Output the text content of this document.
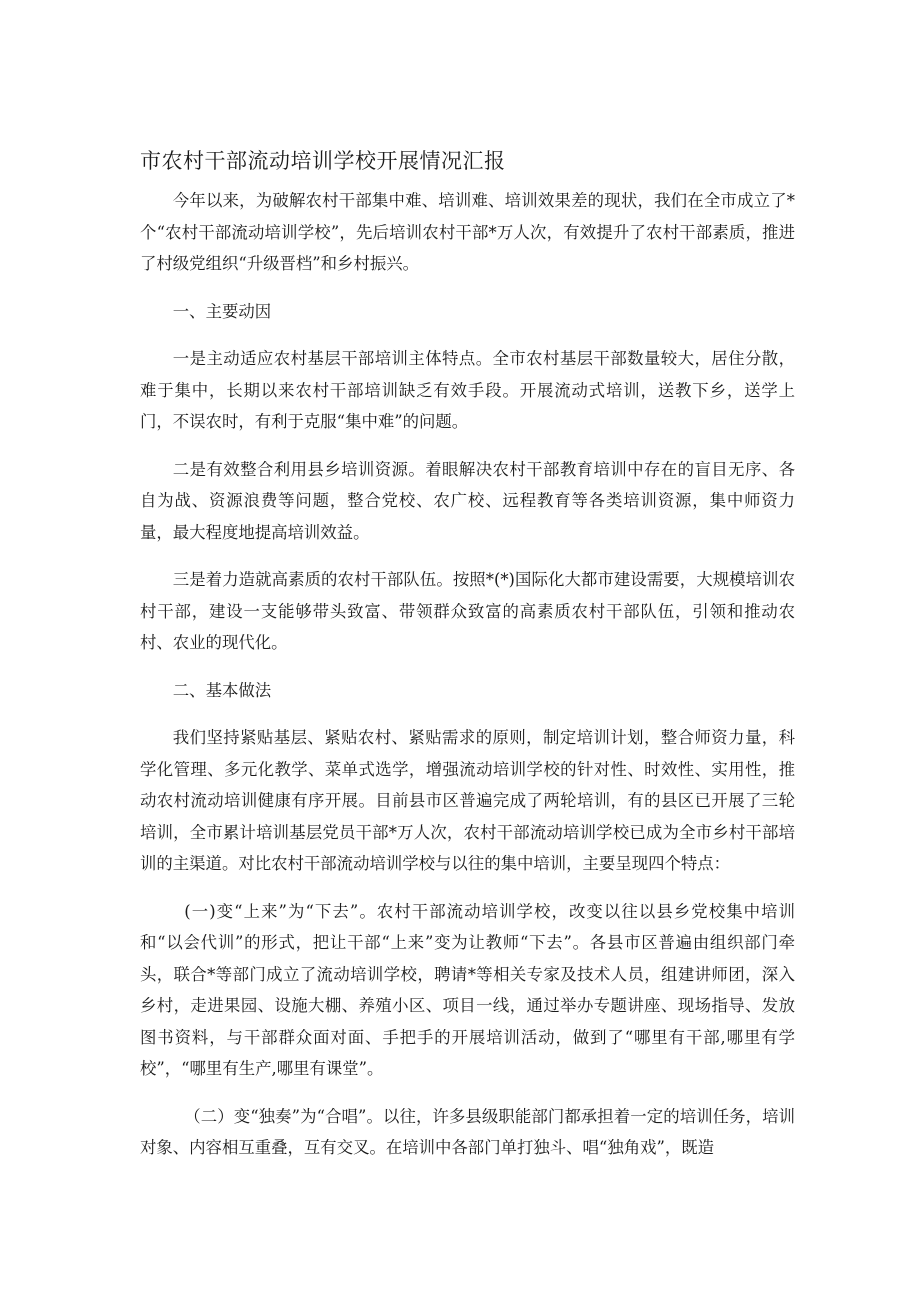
市农村干部流动培训学校开展情况汇报

今年以来，为破解农村干部集中难、培训难、培训效果差的现状，我们在全市成立了*个“农村干部流动培训学校”，先后培训农村干部*万人次，有效提升了农村干部素质，推进了村级党组织“升级晋档”和乡村振兴。

一、主要动因

一是主动适应农村基层干部培训主体特点。全市农村基层干部数量较大，居住分散，难于集中，长期以来农村干部培训缺乏有效手段。开展流动式培训，送教下乡，送学上门，不误农时，有利于克服“集中难”的问题。

二是有效整合利用县乡培训资源。着眼解决农村干部教育培训中存在的盲目无序、各自为战、资源浪费等问题，整合党校、农广校、远程教育等各类培训资源，集中师资力量，最大程度地提高培训效益。

三是着力造就高素质的农村干部队伍。按照*(*)国际化大都市建设需要，大规模培训农村干部，建设一支能够带头致富、带领群众致富的高素质农村干部队伍，引领和推动农村、农业的现代化。

二、基本做法

我们坚持紧贴基层、紧贴农村、紧贴需求的原则，制定培训计划，整合师资力量，科学化管理、多元化教学、菜单式选学，增强流动培训学校的针对性、时效性、实用性，推动农村流动培训健康有序开展。目前县市区普遍完成了两轮培训，有的县区已开展了三轮培训，全市累计培训基层党员干部*万人次，农村干部流动培训学校已成为全市乡村干部培训的主渠道。对比农村干部流动培训学校与以往的集中培训，主要呈现四个特点：

(一)变“上来”为“下去”。农村干部流动培训学校，改变以往以县乡党校集中培训和“以会代训”的形式，把让干部“上来”变为让教师“下去”。各县市区普遍由组织部门牵头，联合*等部门成立了流动培训学校，聘请*等相关专家及技术人员，组建讲师团，深入乡村，走进果园、设施大棚、养殖小区、项目一线，通过举办专题讲座、现场指导、发放图书资料，与干部群众面对面、手把手的开展培训活动，做到了“哪里有干部,哪里有学校”，“哪里有生产,哪里有课堂”。

（二）变“独奏”为“合唱”。以往，许多县级职能部门都承担着一定的培训任务，培训对象、内容相互重叠，互有交叉。在培训中各部门单打独斗、唱“独角戏”，既造
